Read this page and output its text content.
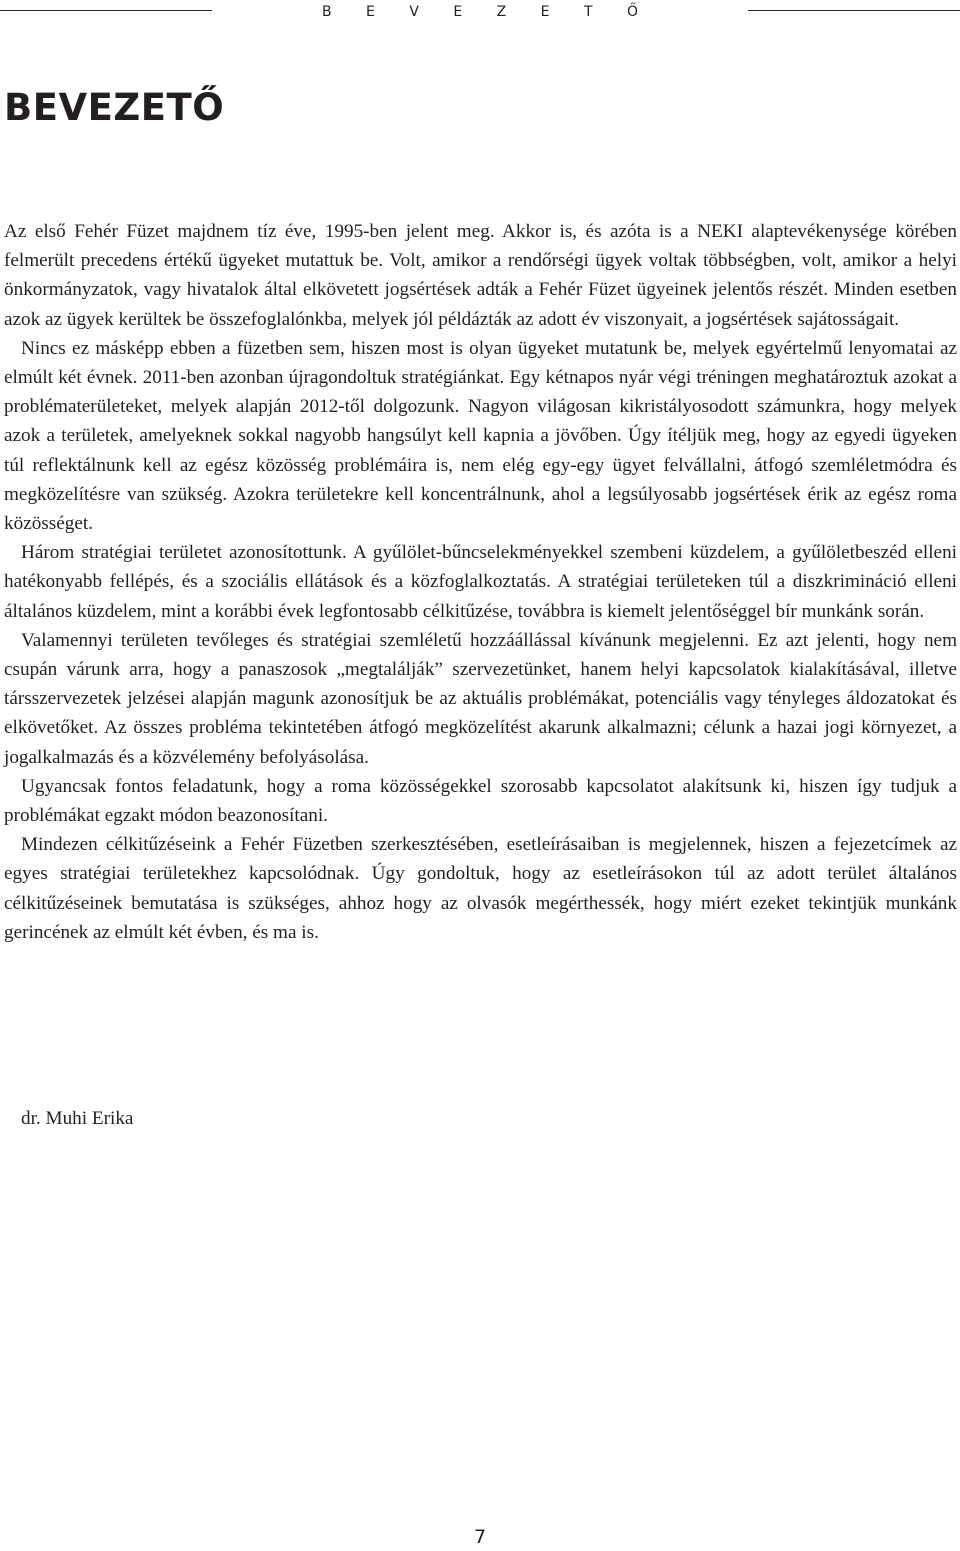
B E V E Z E T Ő
BEVEZETŐ

Az első Fehér Füzet majdnem tíz éve, 1995-ben jelent meg. Akkor is, és azóta is a NEKI alaptevékenysége körében felmerült precedens értékű ügyeket mutattuk be. Volt, amikor a rendőrségi ügyek voltak többségben, volt, amikor a helyi önkormányzatok, vagy hivatalok által elkövetett jogsértések adták a Fehér Füzet ügyeinek jelentős részét. Minden esetben azok az ügyek kerültek be összefoglalónkba, melyek jól példázták az adott év viszonyait, a jogsértések sajátosságait.

Nincs ez másképp ebben a füzetben sem, hiszen most is olyan ügyeket mutatunk be, melyek egyértelmű lenyomatai az elmúlt két évnek. 2011-ben azonban újragondoltuk stratégiánkat. Egy kétnapos nyár végi tréningen meghatároztuk azokat a problématerületeket, melyek alapján 2012-től dolgozunk. Nagyon világosan kikristályosodott számunkra, hogy melyek azok a területek, amelyeknek sokkal nagyobb hangsúlyt kell kapnia a jövőben. Úgy ítéljük meg, hogy az egyedi ügyeken túl reflektálnunk kell az egész közösség problémáira is, nem elég egy-egy ügyet felvállalni, átfogó szemléletmódra és megközelítésre van szükség. Azokra területekre kell koncentrálnunk, ahol a legsúlyosabb jogsértések érik az egész roma közösséget.

Három stratégiai területet azonosítottunk. A gyűlölet-bűncselekményekkel szembeni küzdelem, a gyűlöletbeszéd elleni hatékonyabb fellépés, és a szociális ellátások és a közfoglalkoztatás. A stratégiai területeken túl a diszkrimináció elleni általános küzdelem, mint a korábbi évek legfontosabb célkitűzése, továbbra is kiemelt jelentőséggel bír munkánk során.

Valamennyi területen tevőleges és stratégiai szemléletű hozzáállással kívánunk megjelenni. Ez azt jelenti, hogy nem csupán várunk arra, hogy a panaszosok „megtalálják” szervezetünket, hanem helyi kapcsolatok kialakításával, illetve társszervezetek jelzései alapján magunk azonosítjuk be az aktuális problémákat, potenciális vagy tényleges áldozatokat és elkövetőket. Az összes probléma tekintetében átfogó megközelítést akarunk alkalmazni; célunk a hazai jogi környezet, a jogalkalmazás és a közvélemény befolyásolása.

Ugyancsak fontos feladatunk, hogy a roma közösségekkel szorosabb kapcsolatot alakítsunk ki, hiszen így tudjuk a problémákat egzakt módon beazonosítani.

Mindezen célkitűzéseink a Fehér Füzetben szerkesztésében, esetleírásaiban is megjelennek, hiszen a fejezetcímek az egyes stratégiai területekhez kapcsolódnak. Úgy gondoltuk, hogy az esetleírásokon túl az adott terület általános célkitűzéseinek bemutatása is szükséges, ahhoz hogy az olvasók megérthessék, hogy miért ezeket tekintjük munkánk gerincének az elmúlt két évben, és ma is.

dr. Muhi Erika
7
